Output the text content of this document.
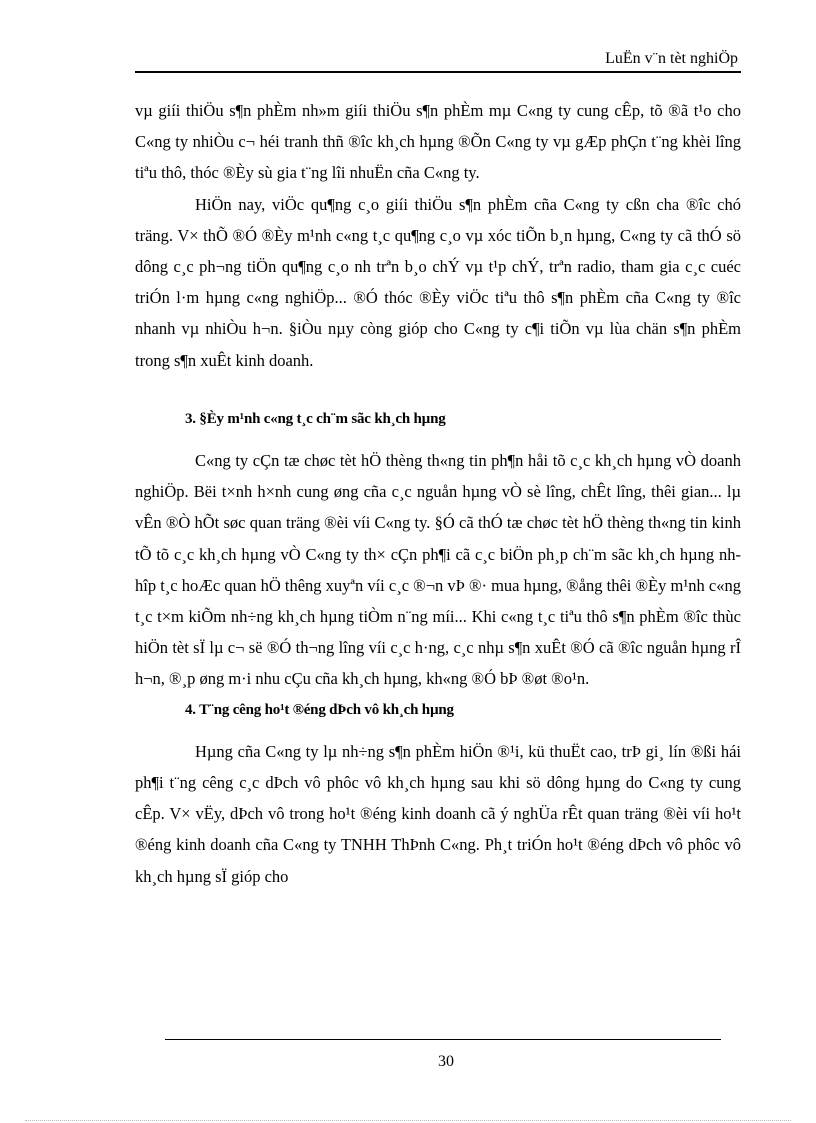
LuËn v¨n tèt nghiÖp

vµ giíi thiÖu s¶n phÈm nh»m giíi thiÖu s¶n phÈm mµ C«ng ty cung cÊp, tõ ®ã t¹o cho C«ng ty nhiÒu c¬ héi tranh thñ ®îc kh¸ch hµng ®Õn C«ng ty vµ gÆp phÇn t¨ng khèi lîng tiªu thô, thóc ®Èy sù gia t¨ng lîi nhuËn cña C«ng ty.

HiÖn nay, viÖc qu¶ng c¸o giíi thiÖu s¶n phÈm cña C«ng ty cßn cha ®îc chó träng. V× thÕ ®Ó ®Èy m¹nh c«ng t¸c qu¶ng c¸o vµ xóc tiÕn b¸n hµng, C«ng ty cã thÓ sö dông c¸c ph¬ng tiÖn qu¶ng c¸o nh trªn b¸o chÝ vµ t¹p chÝ, trªn radio, tham gia c¸c cuéc triÓn l·m hµng c«ng nghiÖp... ®Ó thóc ®Èy viÖc tiªu thô s¶n phÈm cña C«ng ty ®îc nhanh vµ nhiÒu h¬n. §iÒu nµy còng gióp cho C«ng ty c¶i tiÕn vµ lùa chän s¶n phÈm trong s¶n xuÊt kinh doanh.

3. §Èy m¹nh c«ng t¸c ch¨m sãc kh¸ch hµng

C«ng ty cÇn tæ chøc tèt hÖ thèng th«ng tin ph¶n håi tõ c¸c kh¸ch hµng vÒ doanh nghiÖp. Bëi t×nh h×nh cung øng cña c¸c nguån hµng vÒ sè lîng, chÊt lîng, thêi gian... lµ vÊn ®Ò hÕt søc quan träng ®èi víi C«ng ty. §Ó cã thÓ tæ chøc tèt hÖ thèng th«ng tin kinh tÕ tõ c¸c kh¸ch hµng vÒ C«ng ty th× cÇn ph¶i cã c¸c biÖn ph¸p ch¨m sãc kh¸ch hµng nh hîp t¸c hoÆc quan hÖ thêng xuyªn víi c¸c ®¬n vÞ ®· mua hµng, ®ång thêi ®Èy m¹nh c«ng t¸c t×m kiÕm nh÷ng kh¸ch hµng tiÒm n¨ng míi... Khi c«ng t¸c tiªu thô s¶n phÈm ®îc thùc hiÖn tèt sÏ lµ c¬ së ®Ó th¬ng lîng víi c¸c h·ng, c¸c nhµ s¶n xuÊt ®Ó cã ®îc nguån hµng rÎ h¬n, ®¸p øng m·i nhu cÇu cña kh¸ch hµng, kh«ng ®Ó bÞ ®øt ®o¹n.

4. T¨ng cêng ho¹t ®éng dÞch vô kh¸ch hµng

Hµng cña C«ng ty lµ nh÷ng s¶n phÈm hiÖn ®¹i, kü thuËt cao, trÞ gi¸ lín ®ßi hái ph¶i t¨ng cêng c¸c dÞch vô phôc vô kh¸ch hµng sau khi sö dông hµng do C«ng ty cung cÊp. V× vËy, dÞch vô trong ho¹t ®éng kinh doanh cã ý nghÜa rÊt quan träng ®èi víi ho¹t ®éng kinh doanh cña C«ng ty TNHH ThÞnh C«ng. Ph¸t triÓn ho¹t ®éng dÞch vô phôc vô kh¸ch hµng sÏ gióp cho

30
